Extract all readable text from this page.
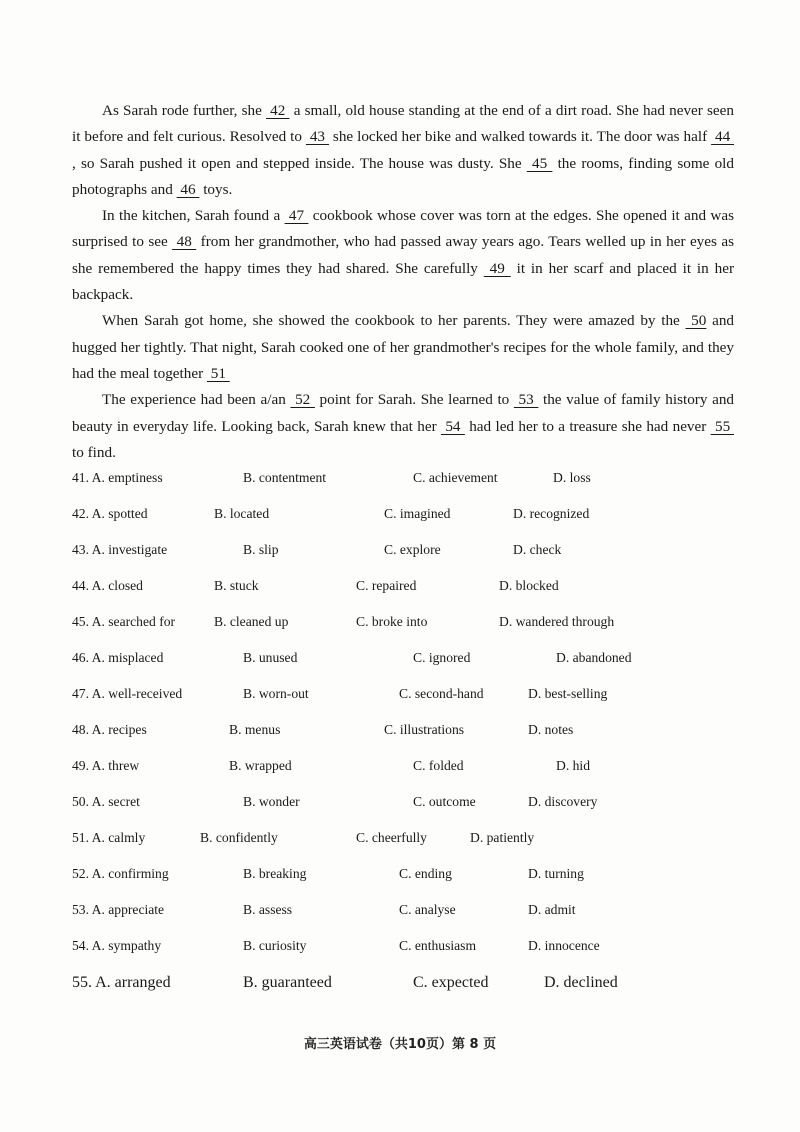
As Sarah rode further, she  42  a small, old house standing at the end of a dirt road. She had never seen it before and felt curious. Resolved to  43  she locked her bike and walked towards it. The door was half  44  , so Sarah pushed it open and stepped inside. The house was dusty. She  45  the rooms, finding some old photographs and  46  toys.

In the kitchen, Sarah found a  47  cookbook whose cover was torn at the edges. She opened it and was surprised to see  48  from her grandmother, who had passed away years ago. Tears welled up in her eyes as she remembered the happy times they had shared. She carefully  49  it in her scarf and placed it in her backpack.

When Sarah got home, she showed the cookbook to her parents. They were amazed by the  50 and hugged her tightly. That night, Sarah cooked one of her grandmother's recipes for the whole family, and they had the meal together  51

The experience had been a/an  52  point for Sarah. She learned to  53  the value of family history and beauty in everyday life. Looking back, Sarah knew that her  54  had led her to a treasure she had never  55  to find.

41. A. emptiness	B. contentment	C. achievement	D. loss
42. A. spotted	B. located	C. imagined	D. recognized
43. A. investigate	B. slip	C. explore	D. check
44. A. closed	B. stuck	C. repaired	D. blocked
45. A. searched for	B. cleaned up	C. broke into	D. wandered through
46. A. misplaced	B. unused	C. ignored	D. abandoned
47. A. well-received	B. worn-out	C. second-hand	D. best-selling
48. A. recipes	B. menus	C. illustrations	D. notes
49. A. threw	B. wrapped	C. folded	D. hid
50. A. secret	B. wonder	C. outcome	D. discovery
51. A. calmly	B. confidently	C. cheerfully	D. patiently
52. A. confirming	B. breaking	C. ending	D. turning
53. A. appreciate	B. assess	C. analyse	D. admit
54. A. sympathy	B. curiosity	C. enthusiasm	D. innocence
55. A. arranged	B. guaranteed	C. expected	D. declined
高三英语试卷（共10页）第 8 页
